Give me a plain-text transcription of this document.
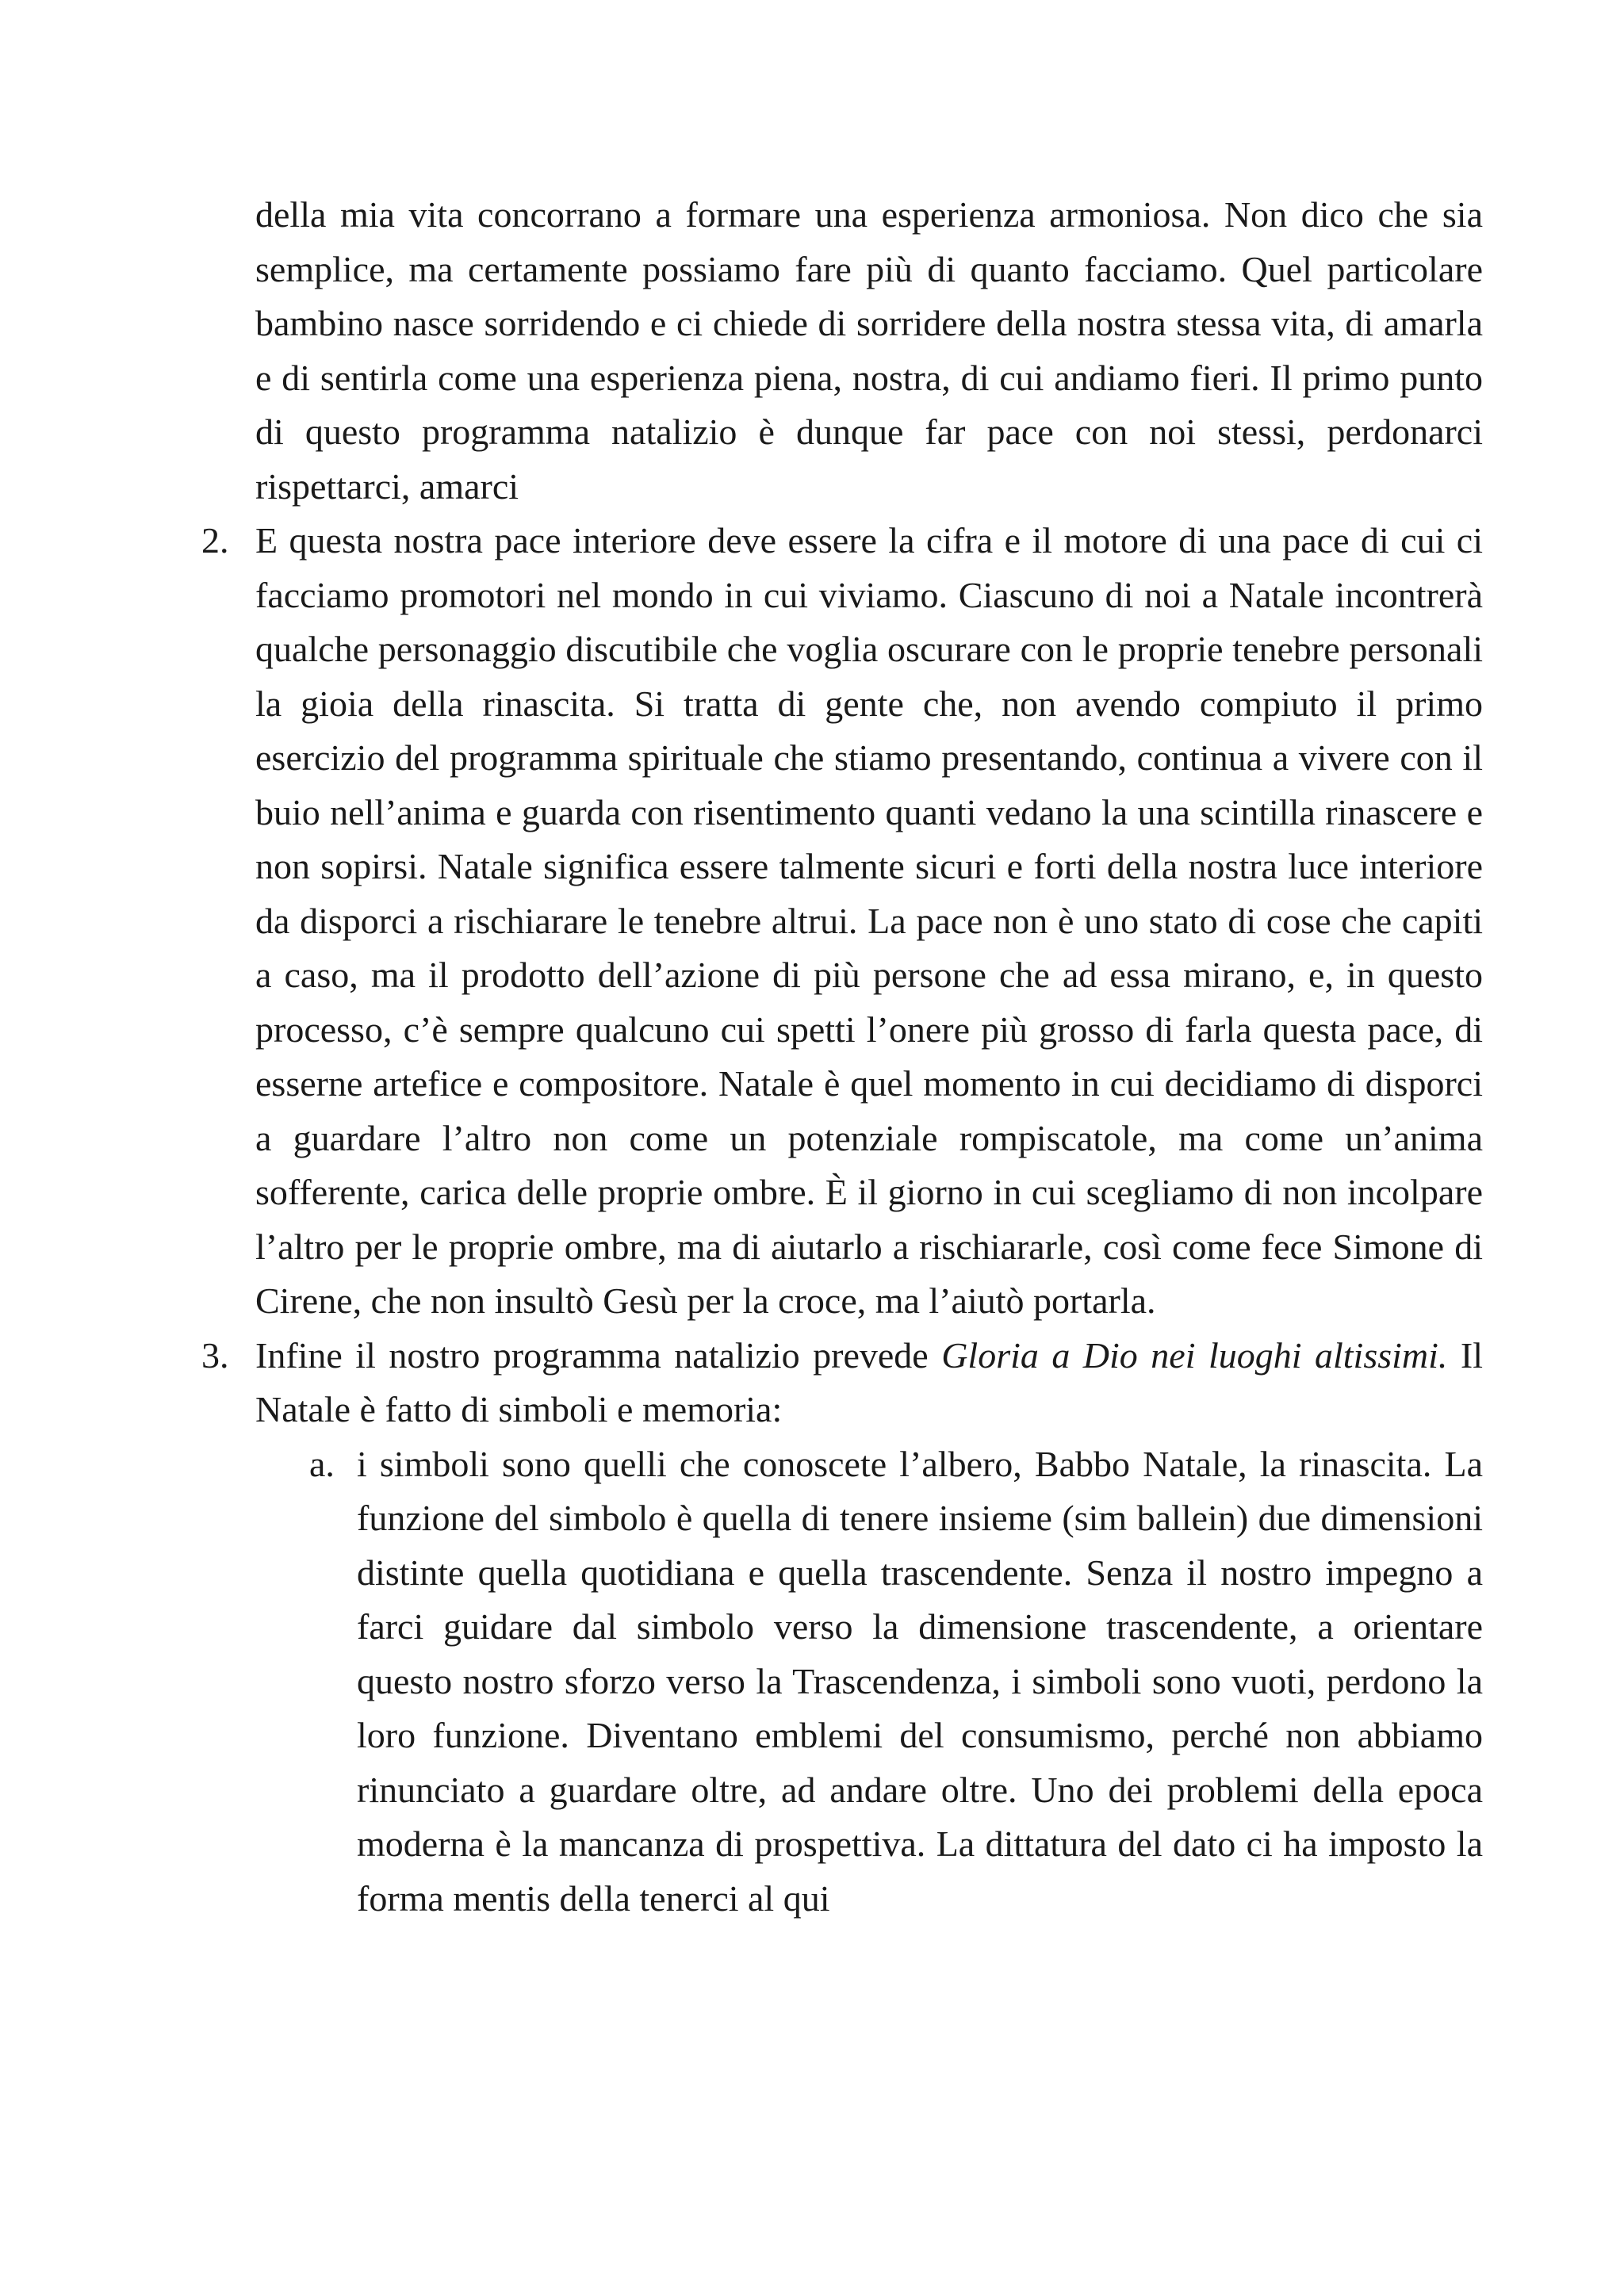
della mia vita concorrano a formare una esperienza armoniosa. Non dico che sia semplice, ma certamente possiamo fare più di quanto facciamo. Quel particolare bambino nasce sorridendo e ci chiede di sorridere della nostra stessa vita, di amarla e di sentirla come una esperienza piena, nostra, di cui andiamo fieri. Il primo punto di questo programma natalizio è dunque far pace con noi stessi, perdonarci rispettarci, amarci

2. E questa nostra pace interiore deve essere la cifra e il motore di una pace di cui ci facciamo promotori nel mondo in cui viviamo. Ciascuno di noi a Natale incontrerà qualche personaggio discutibile che voglia oscurare con le proprie tenebre personali la gioia della rinascita. Si tratta di gente che, non avendo compiuto il primo esercizio del programma spirituale che stiamo presentando, continua a vivere con il buio nell’anima e guarda con risentimento quanti vedano la una scintilla rinascere e non sopirsi. Natale significa essere talmente sicuri e forti della nostra luce interiore da disporci a rischiarare le tenebre altrui. La pace non è uno stato di cose che capiti a caso, ma il prodotto dell’azione di più persone che ad essa mirano, e, in questo processo, c’è sempre qualcuno cui spetti l’onere più grosso di farla questa pace, di esserne artefice e compositore. Natale è quel momento in cui decidiamo di disporci a guardare l’altro non come un potenziale rompiscatole, ma come un’anima sofferente, carica delle proprie ombre. È il giorno in cui scegliamo di non incolpare l’altro per le proprie ombre, ma di aiutarlo a rischiararle, così come fece Simone di Cirene, che non insultò Gesù per la croce, ma l’aiutò portarla.
3. Infine il nostro programma natalizio prevede Gloria a Dio nei luoghi altissimi. Il Natale è fatto di simboli e memoria:
a. i simboli sono quelli che conoscete l’albero, Babbo Natale, la rinascita. La funzione del simbolo è quella di tenere insieme (sim ballein) due dimensioni distinte quella quotidiana e quella trascendente. Senza il nostro impegno a farci guidare dal simbolo verso la dimensione trascendente, a orientare questo nostro sforzo verso la Trascendenza, i simboli sono vuoti, perdono la loro funzione. Diventano emblemi del consumismo, perché non abbiamo rinunciato a guardare oltre, ad andare oltre. Uno dei problemi della epoca moderna è la mancanza di prospettiva. La dittatura del dato ci ha imposto la forma mentis della tenerci al qui
